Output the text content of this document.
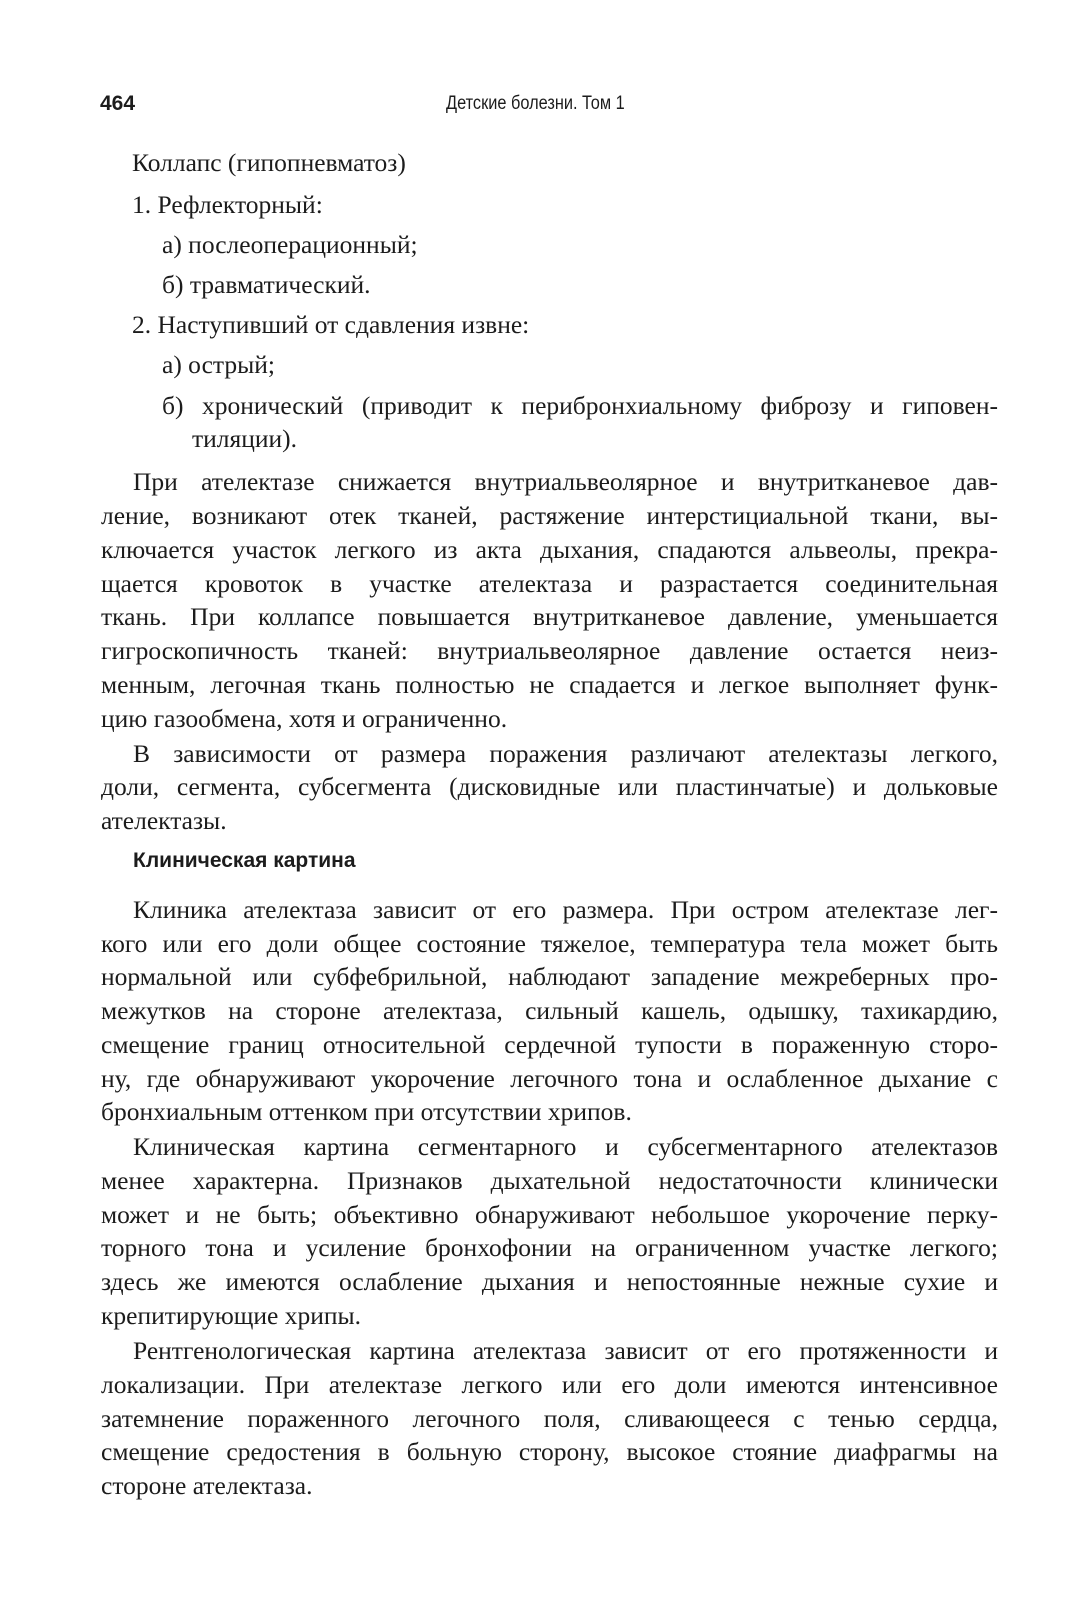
464	Детские болезни. Том 1
Коллапс (гипопневматоз)
1. Рефлекторный:
а) послеоперационный;
б) травматический.
2. Наступивший от сдавления извне:
а) острый;
б) хронический (приводит к перибронхиальному фиброзу и гиповен-
тиляции).
При ателектазе снижается внутриальвеолярное и внутритканевое дав-
ление, возникают отек тканей, растяжение интерстициальной ткани, вы-
ключается участок легкого из акта дыхания, спадаются альвеолы, прекра-
щается кровоток в участке ателектаза и разрастается соединительная
ткань. При коллапсе повышается внутритканевое давление, уменьшается
гигроскопичность тканей: внутриальвеолярное давление остается неиз-
менным, легочная ткань полностью не спадается и легкое выполняет функ-
цию газообмена, хотя и ограниченно.
В зависимости от размера поражения различают ателектазы легкого,
доли, сегмента, субсегмента (дисковидные или пластинчатые) и дольковые
ателектазы.
Клиническая картина
Клиника ателектаза зависит от его размера. При остром ателектазе лег-
кого или его доли общее состояние тяжелое, температура тела может быть
нормальной или субфебрильной, наблюдают западение межреберных про-
межутков на стороне ателектаза, сильный кашель, одышку, тахикардию,
смещение границ относительной сердечной тупости в пораженную сторо-
ну, где обнаруживают укорочение легочного тона и ослабленное дыхание с
бронхиальным оттенком при отсутствии хрипов.
Клиническая картина сегментарного и субсегментарного ателектазов
менее характерна. Признаков дыхательной недостаточности клинически
может и не быть; объективно обнаруживают небольшое укорочение перку-
торного тона и усиление бронхофонии на ограниченном участке легкого;
здесь же имеются ослабление дыхания и непостоянные нежные сухие и
крепитирующие хрипы.
Рентгенологическая картина ателектаза зависит от его протяженности и
локализации. При ателектазе легкого или его доли имеются интенсивное
затемнение пораженного легочного поля, сливающееся с тенью сердца,
смещение средостения в больную сторону, высокое стояние диафрагмы на
стороне ателектаза.
